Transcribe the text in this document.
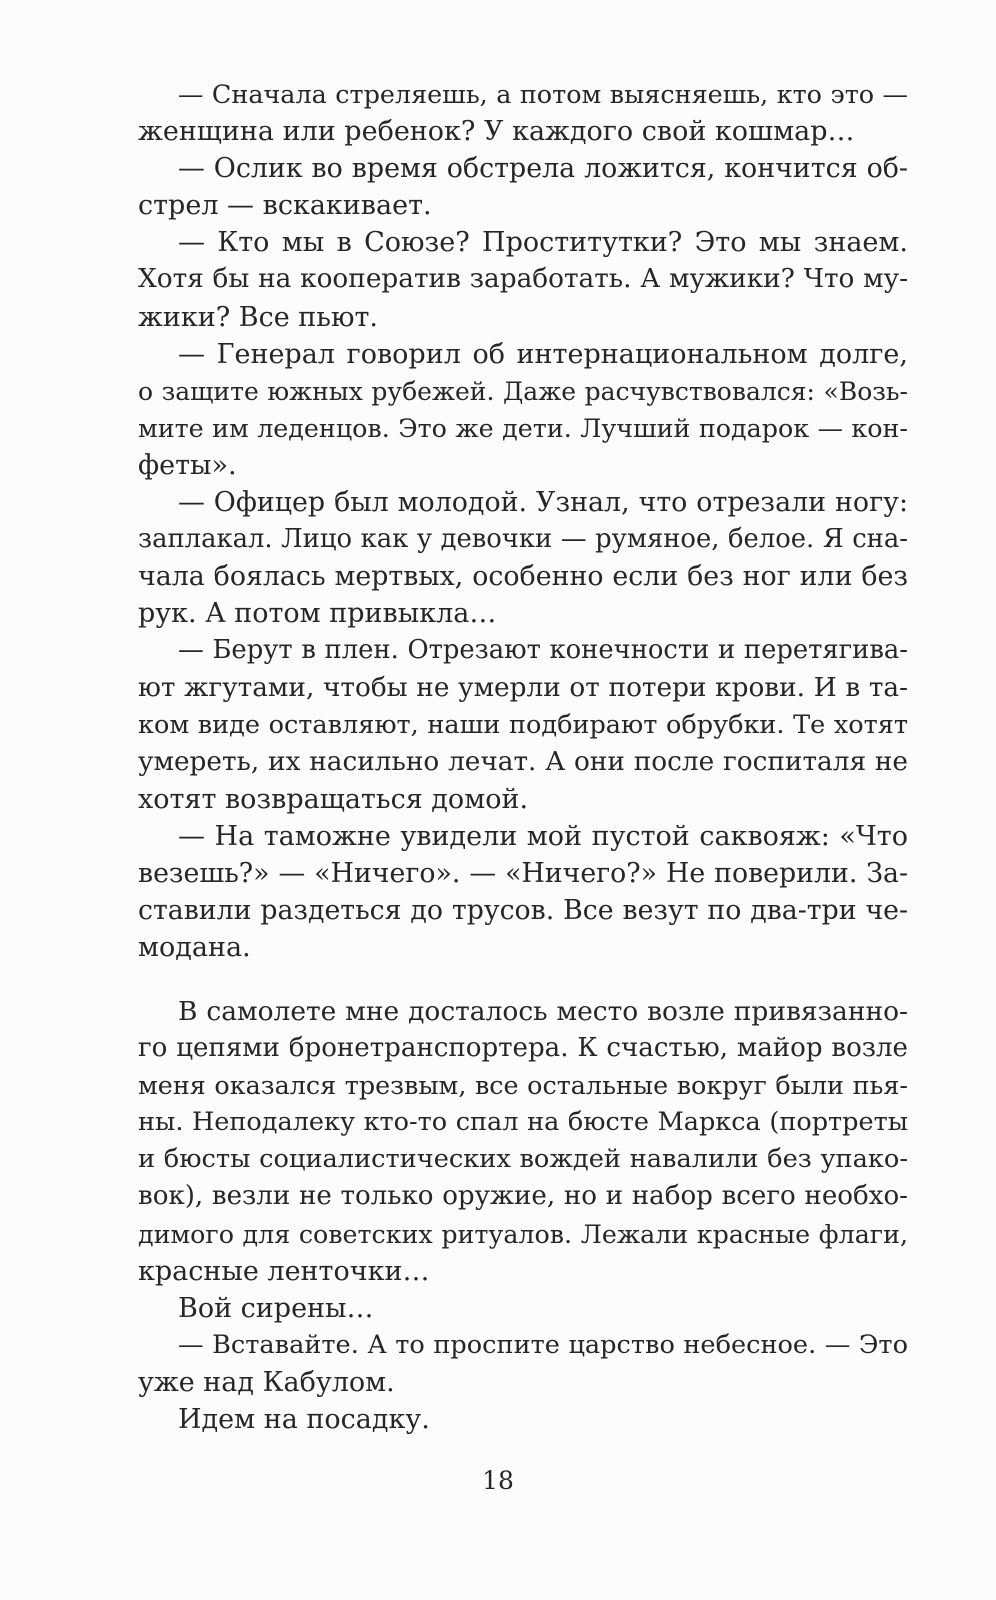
— Сначала стреляешь, а потом выясняешь, кто это —
женщина или ребенок? У каждого свой кошмар…
— Ослик во время обстрела ложится, кончится об-
стрел — вскакивает.
— Кто мы в Союзе? Проститутки? Это мы знаем.
Хотя бы на кооператив заработать. А мужики? Что му-
жики? Все пьют.
— Генерал говорил об интернациональном долге,
о защите южных рубежей. Даже расчувствовался: «Возь-
мите им леденцов. Это же дети. Лучший подарок — кон-
феты».
— Офицер был молодой. Узнал, что отрезали ногу:
заплакал. Лицо как у девочки — румяное, белое. Я сна-
чала боялась мертвых, особенно если без ног или без
рук. А потом привыкла…
— Берут в плен. Отрезают конечности и перетягива-
ют жгутами, чтобы не умерли от потери крови. И в та-
ком виде оставляют, наши подбирают обрубки. Те хотят
умереть, их насильно лечат. А они после госпиталя не
хотят возвращаться домой.
— На таможне увидели мой пустой саквояж: «Что
везешь?» — «Ничего». — «Ничего?» Не поверили. За-
ставили раздеться до трусов. Все везут по два-три че-
модана.
В самолете мне досталось место возле привязанно-
го цепями бронетранспортера. К счастью, майор возле
меня оказался трезвым, все остальные вокруг были пья-
ны. Неподалеку кто-то спал на бюсте Маркса (портреты
и бюсты социалистических вождей навалили без упако-
вок), везли не только оружие, но и набор всего необхо-
димого для советских ритуалов. Лежали красные флаги,
красные ленточки…
Вой сирены…
— Вставайте. А то проспите царство небесное. — Это
уже над Кабулом.
Идем на посадку.
18
